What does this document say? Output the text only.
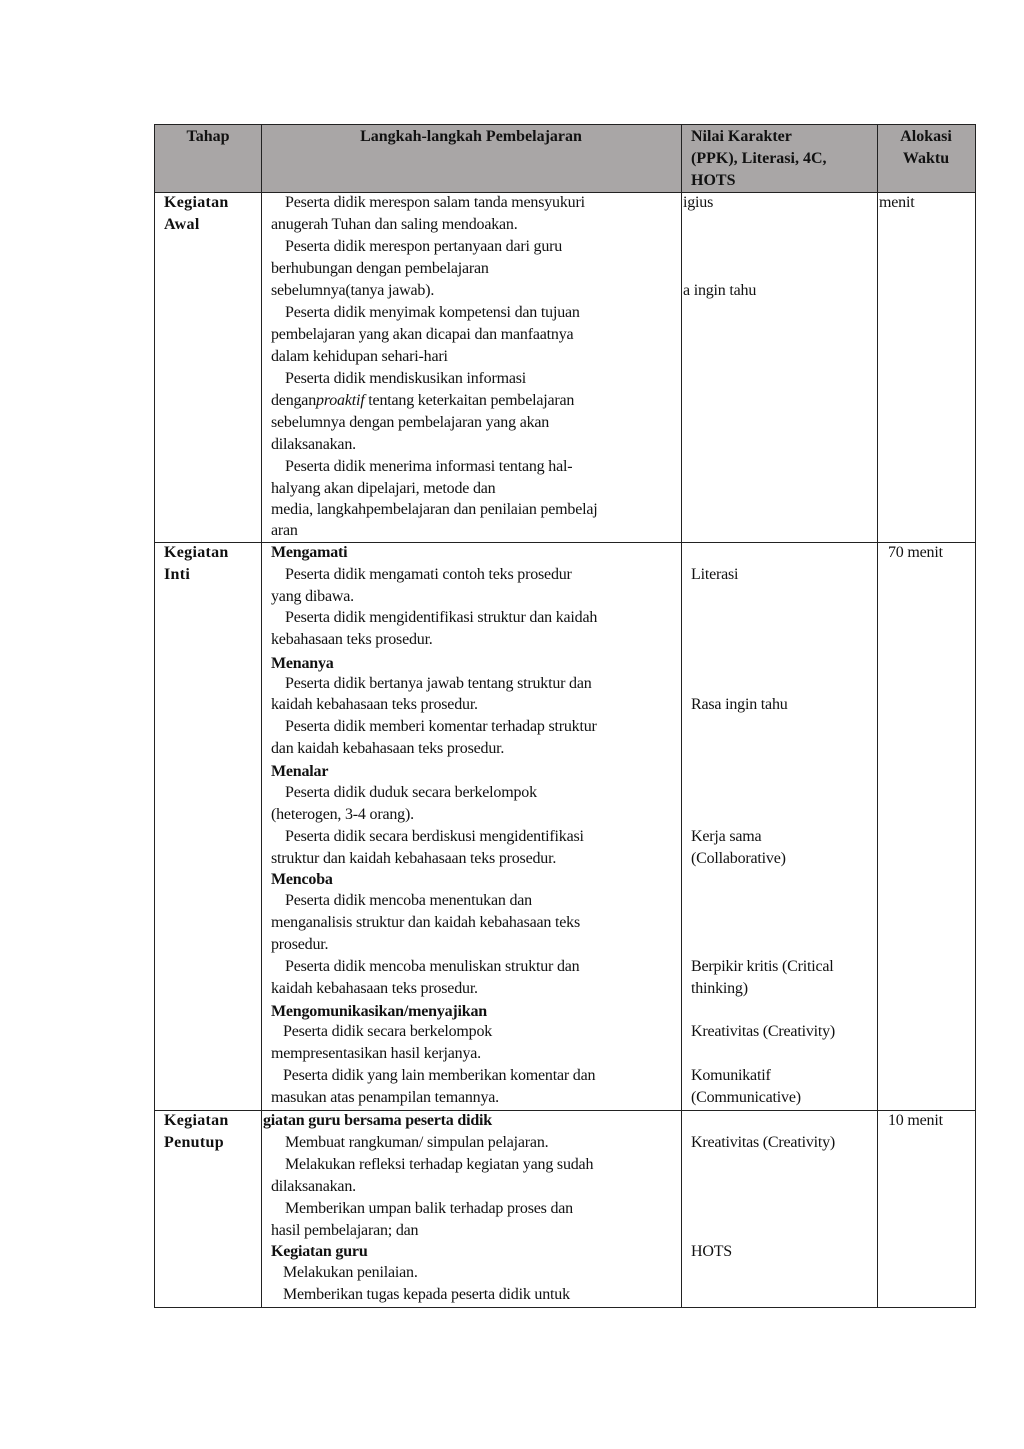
Tahap	Langkah-langkah Pembelajaran	Nilai Karakter
(PPK), Literasi, 4C,
HOTS
Alokasi
Waktu
Kegiatan
Awal
Peserta didik merespon salam tanda mensyukuri
anugerah Tuhan dan saling mendoakan.
Peserta didik merespon pertanyaan dari guru
berhubungan dengan pembelajaran
sebelumnya(tanya jawab).
Peserta didik menyimak kompetensi dan tujuan
pembelajaran yang akan dicapai dan manfaatnya
dalam kehidupan sehari-hari
Peserta didik mendiskusikan informasi
denganproaktif tentang keterkaitan pembelajaran
sebelumnya dengan pembelajaran yang akan
dilaksanakan.
Peserta didik menerima informasi tentang hal-
halyang akan dipelajari, metode dan
media, langkahpembelajaran dan penilaian pembelaj
aran
igius
a ingin tahu
menit
Kegiatan
Inti
Mengamati
Peserta didik mengamati contoh teks prosedur
yang dibawa.
Peserta didik mengidentifikasi struktur dan kaidah
kebahasaan teks prosedur.
Menanya
Peserta didik bertanya jawab tentang struktur dan
kaidah kebahasaan teks prosedur.
Peserta didik memberi komentar terhadap struktur
dan kaidah kebahasaan teks prosedur.
Menalar
Peserta didik duduk secara berkelompok
(heterogen, 3-4 orang).
Peserta didik secara berdiskusi mengidentifikasi
struktur dan kaidah kebahasaan teks prosedur.
Mencoba
Peserta didik mencoba menentukan dan
menganalisis struktur dan kaidah kebahasaan teks
prosedur.
Peserta didik mencoba menuliskan struktur dan
kaidah kebahasaan teks prosedur.
Mengomunikasikan/menyajikan
Peserta didik secara berkelompok
mempresentasikan hasil kerjanya.
Peserta didik yang lain memberikan komentar dan
masukan atas penampilan temannya.
Literasi
Rasa ingin tahu
Kerja sama
(Collaborative)
Berpikir kritis (Critical
thinking)
Kreativitas (Creativity)
Komunikatif
(Communicative)
70 menit
Kegiatan
Penutup
giatan guru bersama peserta didik
Membuat rangkuman/ simpulan pelajaran.
Melakukan refleksi terhadap kegiatan yang sudah
dilaksanakan.
Memberikan umpan balik terhadap proses dan
hasil pembelajaran; dan
Kegiatan guru
Melakukan penilaian.
Memberikan tugas kepada peserta didik untuk
Kreativitas (Creativity)
HOTS
10 menit
